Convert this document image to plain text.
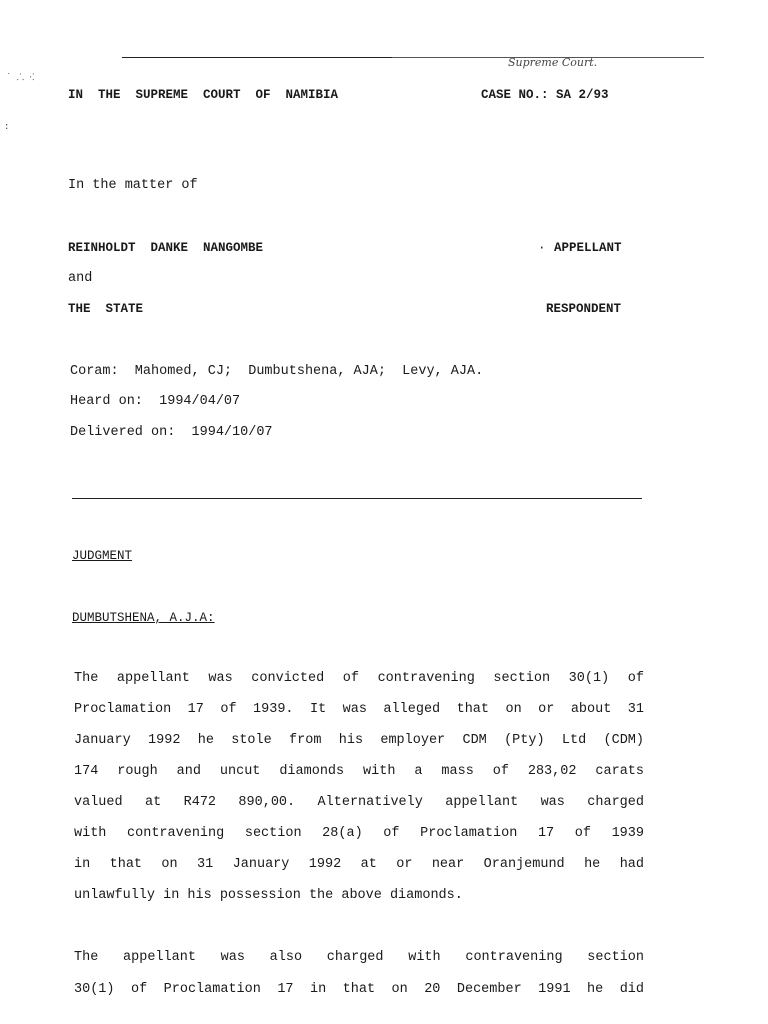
˙ ⸫ ⁖
:
Supreme Court.
IN  THE  SUPREME  COURT  OF  NAMIBIA	CASE NO.: SA 2/93
In the matter of
REINHOLDT  DANKE  NANGOMBE	· APPELLANT
and
THE  STATE	RESPONDENT
Coram:  Mahomed, CJ;  Dumbutshena, AJA;  Levy, AJA.
Heard on:  1994/04/07
Delivered on:  1994/10/07
JUDGMENT
DUMBUTSHENA, A.J.A:
The appellant was convicted of contravening section 30(1) of
Proclamation 17 of 1939. It was alleged that on or about 31
January 1992 he stole from his employer CDM (Pty) Ltd (CDM)
174 rough and uncut diamonds with a mass of 283,02 carats
valued at R472 890,00. Alternatively appellant was charged
with contravening section 28(a) of Proclamation 17 of 1939
in that on 31 January 1992 at or near Oranjemund he had
unlawfully in his possession the above diamonds.
The appellant was also charged with contravening section
30(1) of Proclamation 17 in that on 20 December 1991 he did
